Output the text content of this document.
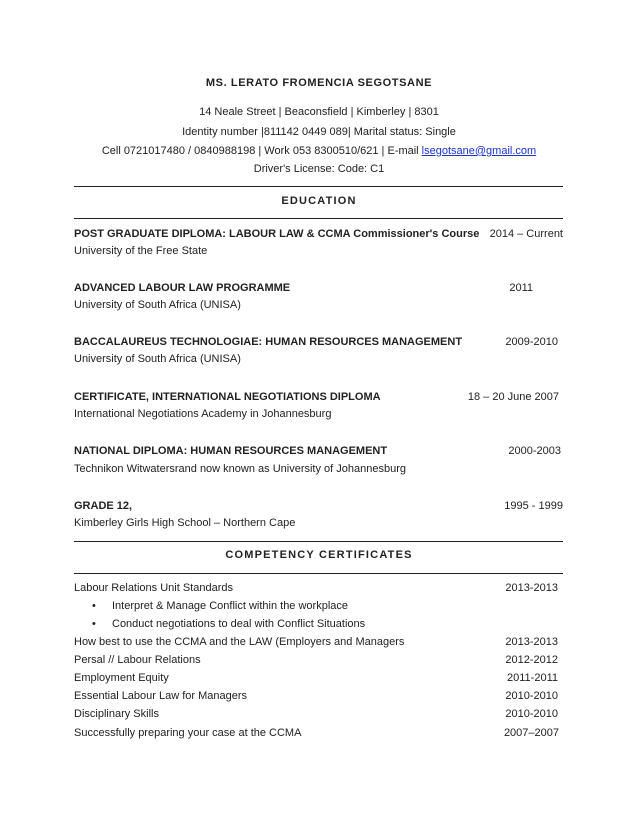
MS. LERATO FROMENCIA SEGOTSANE
14 Neale Street | Beaconsfield | Kimberley | 8301
Identity number |811142 0449 089| Marital status: Single
Cell 0721017480 / 0840988198 | Work 053 8300510/621 | E-mail lsegotsane@gmail.com
Driver's License: Code: C1
EDUCATION
POST GRADUATE DIPLOMA: LABOUR LAW & CCMA Commissioner's Course 2014 – Current
University of the Free State
ADVANCED LABOUR LAW PROGRAMME	2011
University of South Africa (UNISA)
BACCALAUREUS TECHNOLOGIAE: HUMAN RESOURCES MANAGEMENT	2009-2010
University of South Africa (UNISA)
CERTIFICATE, INTERNATIONAL NEGOTIATIONS DIPLOMA	18 – 20 June 2007
International Negotiations Academy in Johannesburg
NATIONAL DIPLOMA: HUMAN RESOURCES MANAGEMENT	2000-2003
Technikon Witwatersrand now known as University of Johannesburg
GRADE 12,	1995 - 1999
Kimberley Girls High School – Northern Cape
COMPETENCY CERTIFICATES
Labour Relations Unit Standards	2013-2013
• Interpret & Manage Conflict within the workplace
• Conduct negotiations to deal with Conflict Situations
How best to use the CCMA and the LAW (Employers and Managers	2013-2013
Persal // Labour Relations	2012-2012
Employment Equity	2011-2011
Essential Labour Law for Managers	2010-2010
Disciplinary Skills	2010-2010
Successfully preparing your case at the CCMA	2007–2007
